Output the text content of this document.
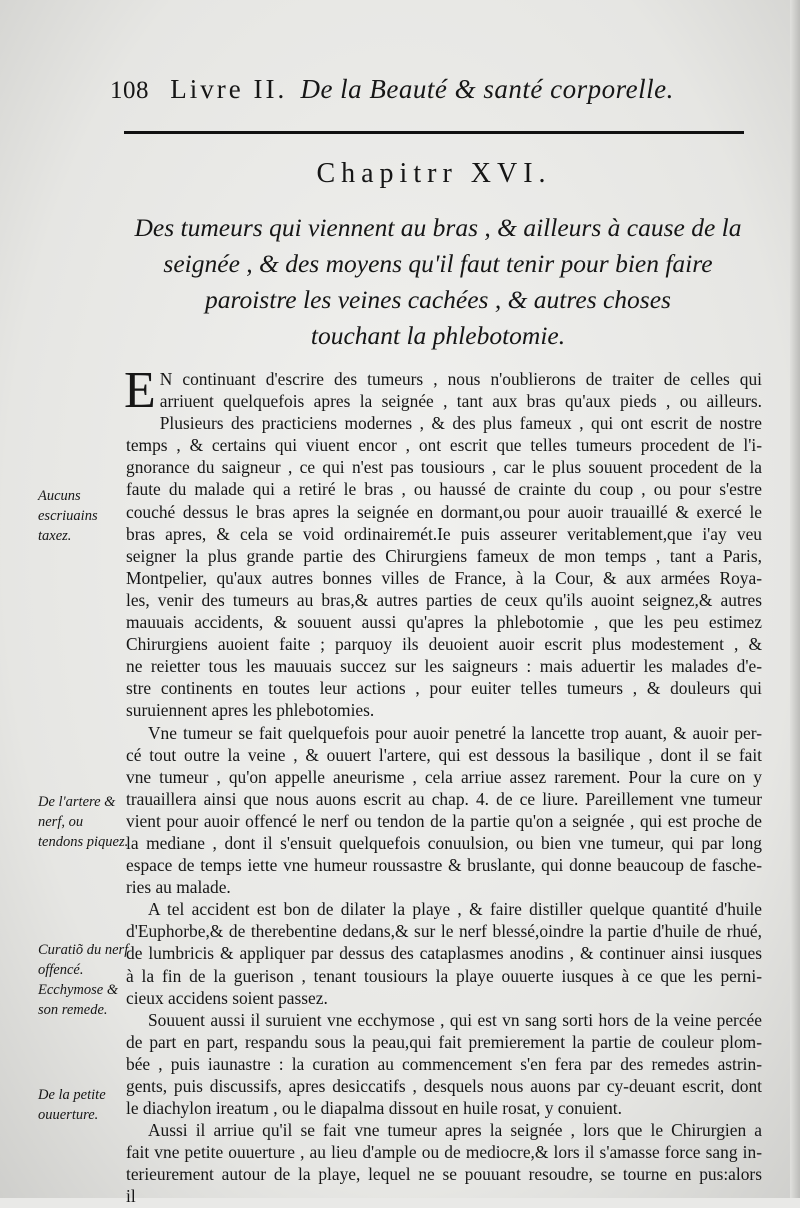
108 Livre II. De la Beauté & santé corporelle.
Chapitrr XVI.
Des tumeurs qui viennent au bras , & ailleurs à cause de la
seignée , & des moyens qu'il faut tenir pour bien faire
paroistre les veines cachées , & autres choses
touchant la phlebotomie.

Aucuns escriuains taxez.
De l'artere & nerf, ou tendons piquez.
Curatiõ du nerf offencé.
Ecchymose & son remede.
De la petite ouuerture.
E N continuant d'escrire des tumeurs , nous n'oublierons de traiter de celles qui
arriuent quelquefois apres la seignée , tant aux bras qu'aux pieds , ou ailleurs.
Plusieurs des practiciens modernes , & des plus fameux , qui ont escrit de nostre
temps , & certains qui viuent encor , ont escrit que telles tumeurs procedent de l'i-
gnorance du saigneur , ce qui n'est pas tousiours , car le plus souuent procedent de la
faute du malade qui a retiré le bras , ou haussé de crainte du coup , ou pour s'estre
couché dessus le bras apres la seignée en dormant,ou pour auoir trauaillé & exercé le
bras apres, & cela se void ordinairemét.Ie puis asseurer veritablement,que i'ay veu
seigner la plus grande partie des Chirurgiens fameux de mon temps , tant a Paris,
Montpelier, qu'aux autres bonnes villes de France, à la Cour, & aux armées Roya-
les, venir des tumeurs au bras,& autres parties de ceux qu'ils auoint seignez,& autres
mauuais accidents, & souuent aussi qu'apres la phlebotomie , que les peu estimez
Chirurgiens auoient faite ; parquoy ils deuoient auoir escrit plus modestement , &
ne reietter tous les mauuais succez sur les saigneurs : mais aduertir les malades d'e-
stre continents en toutes leur actions , pour euiter telles tumeurs , & douleurs qui
suruiennent apres les phlebotomies.
Vne tumeur se fait quelquefois pour auoir penetré la lancette trop auant, & auoir per-
cé tout outre la veine , & ouuert l'artere, qui est dessous la basilique , dont il se fait
vne tumeur , qu'on appelle aneurisme , cela arriue assez rarement. Pour la cure on y
trauaillera ainsi que nous auons escrit au chap. 4. de ce liure. Pareillement vne tumeur
vient pour auoir offencé le nerf ou tendon de la partie qu'on a seignée , qui est proche de
la mediane , dont il s'ensuit quelquefois conuulsion, ou bien vne tumeur, qui par long
espace de temps iette vne humeur roussastre & bruslante, qui donne beaucoup de fasche-
ries au malade.
A tel accident est bon de dilater la playe , & faire distiller quelque quantité d'huile
d'Euphorbe,& de therebentine dedans,& sur le nerf blessé,oindre la partie d'huile de rhué,
de lumbricis & appliquer par dessus des cataplasmes anodins , & continuer ainsi iusques
à la fin de la guerison , tenant tousiours la playe ouuerte iusques à ce que les perni-
cieux accidens soient passez.
Souuent aussi il suruient vne ecchymose , qui est vn sang sorti hors de la veine percée
de part en part, respandu sous la peau,qui fait premierement la partie de couleur plom-
bée , puis iaunastre : la curation au commencement s'en fera par des remedes astrin-
gents, puis discussifs, apres desiccatifs , desquels nous auons par cy-deuant escrit, dont
le diachylon ireatum , ou le diapalma dissout en huile rosat, y conuient.
Aussi il arriue qu'il se fait vne tumeur apres la seignée , lors que le Chirurgien a
fait vne petite ouuerture , au lieu d'ample ou de mediocre,& lors il s'amasse force sang in-
terieurement autour de la playe, lequel ne se pouuant resoudre, se tourne en pus:alors
il
